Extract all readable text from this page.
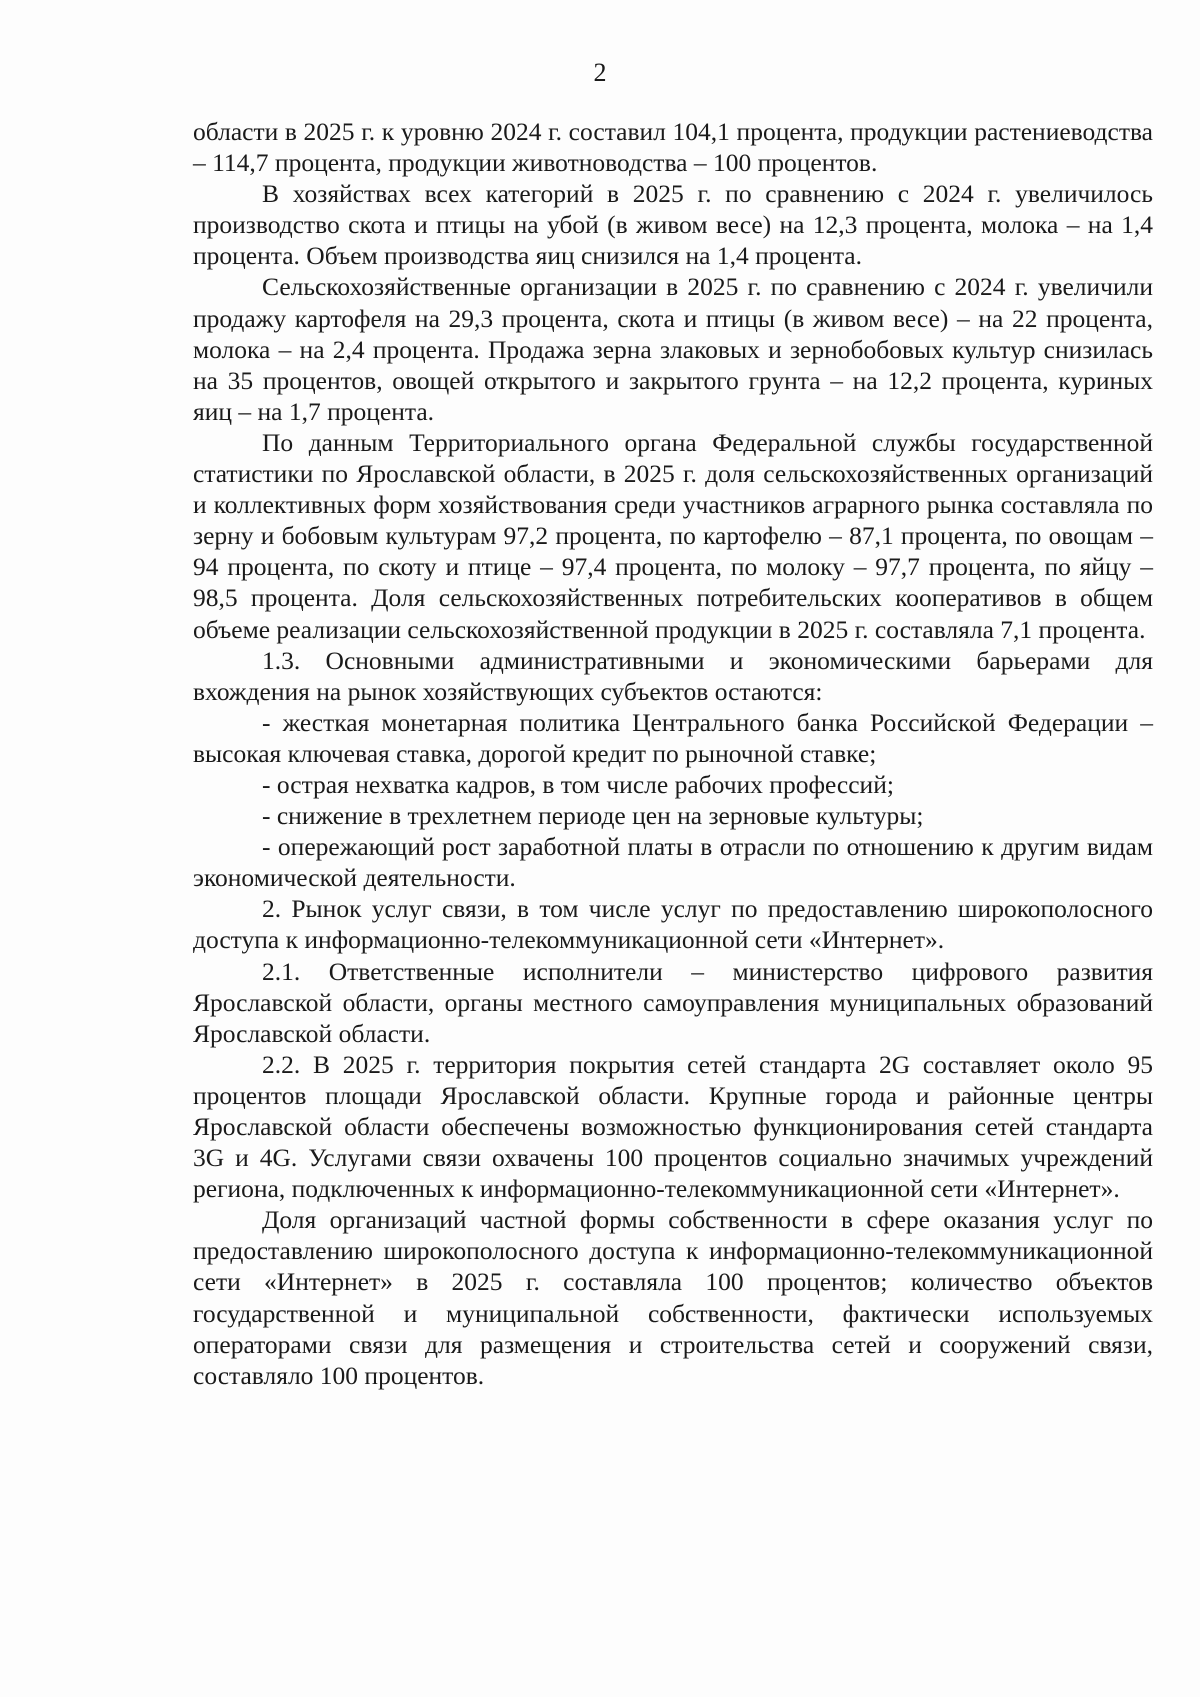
2

области в 2025 г. к уровню 2024 г. составил 104,1 процента, продукции растениеводства – 114,7 процента, продукции животноводства – 100 процентов.

В хозяйствах всех категорий в 2025 г. по сравнению с 2024 г. увеличилось производство скота и птицы на убой (в живом весе) на 12,3 процента, молока – на 1,4 процента. Объем производства яиц снизился на 1,4 процента.

Сельскохозяйственные организации в 2025 г. по сравнению с 2024 г. увеличили продажу картофеля на 29,3 процента, скота и птицы (в живом весе) – на 22 процента, молока – на 2,4 процента. Продажа зерна злаковых и зернобобовых культур снизилась на 35 процентов, овощей открытого и закрытого грунта – на 12,2 процента, куриных яиц – на 1,7 процента.

По данным Территориального органа Федеральной службы государственной статистики по Ярославской области, в 2025 г. доля сельскохозяйственных организаций и коллективных форм хозяйствования среди участников аграрного рынка составляла по зерну и бобовым культурам 97,2 процента, по картофелю – 87,1 процента, по овощам – 94 процента, по скоту и птице – 97,4 процента, по молоку – 97,7 процента, по яйцу – 98,5 процента. Доля сельскохозяйственных потребительских кооперативов в общем объеме реализации сельскохозяйственной продукции в 2025 г. составляла 7,1 процента.

1.3. Основными административными и экономическими барьерами для вхождения на рынок хозяйствующих субъектов остаются:

- жесткая монетарная политика Центрального банка Российской Федерации – высокая ключевая ставка, дорогой кредит по рыночной ставке;

- острая нехватка кадров, в том числе рабочих профессий;

- снижение в трехлетнем периоде цен на зерновые культуры;

- опережающий рост заработной платы в отрасли по отношению к другим видам экономической деятельности.

2. Рынок услуг связи, в том числе услуг по предоставлению широкополосного доступа к информационно-телекоммуникационной сети «Интернет».

2.1. Ответственные исполнители – министерство цифрового развития Ярославской области, органы местного самоуправления муниципальных образований Ярославской области.

2.2. В 2025 г. территория покрытия сетей стандарта 2G составляет около 95 процентов площади Ярославской области. Крупные города и районные центры Ярославской области обеспечены возможностью функционирования сетей стандарта 3G и 4G. Услугами связи охвачены 100 процентов социально значимых учреждений региона, подключенных к информационно-телекоммуникационной сети «Интернет».

Доля организаций частной формы собственности в сфере оказания услуг по предоставлению широкополосного доступа к информационно-телекоммуникационной сети «Интернет» в 2025 г. составляла 100 процентов; количество объектов государственной и муниципальной собственности, фактически используемых операторами связи для размещения и строительства сетей и сооружений связи, составляло 100 процентов.
